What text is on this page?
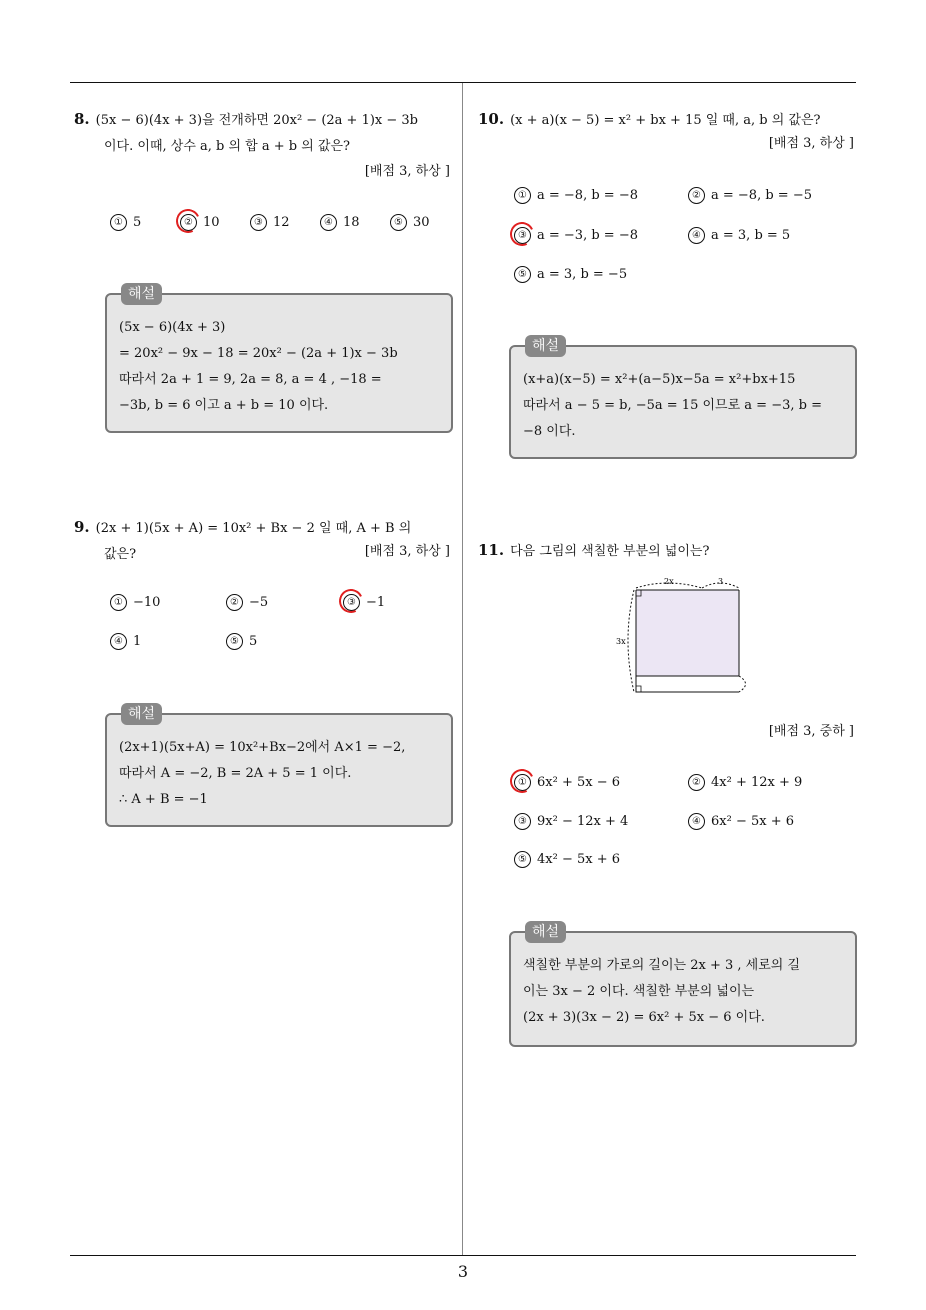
8. (5x − 6)(4x + 3)을 전개하면 20x² − (2a + 1)x − 3b
이다. 이때, 상수 a, b 의 합 a + b 의 값은?
[배점 3, 하상 ]
① 5	② 10	③ 12	④ 18	⑤ 30
해설
(5x − 6)(4x + 3)
= 20x² − 9x − 18 = 20x² − (2a + 1)x − 3b
따라서 2a + 1 = 9, 2a = 8, a = 4 , −18 =
−3b, b = 6 이고 a + b = 10 이다.
9. (2x + 1)(5x + A) = 10x² + Bx − 2 일 때, A + B 의
값은?	[배점 3, 하상 ]
① −10	② −5	③ −1
④ 1	⑤ 5
해설
(2x+1)(5x+A) = 10x²+Bx−2에서 A×1 = −2,
따라서 A = −2, B = 2A + 5 = 1 이다.
∴ A + B = −1
10. (x + a)(x − 5) = x² + bx + 15 일 때, a, b 의 값은?
[배점 3, 하상 ]
① a = −8, b = −8	② a = −8, b = −5
③ a = −3, b = −8	④ a = 3, b = 5
⑤ a = 3, b = −5
해설
(x+a)(x−5) = x²+(a−5)x−5a = x²+bx+15
따라서 a − 5 = b, −5a = 15 이므로 a = −3, b =
−8 이다.
11. 다음 그림의 색칠한 부분의 넓이는?
2x	3
3x
[배점 3, 중하 ]
① 6x² + 5x − 6	② 4x² + 12x + 9
③ 9x² − 12x + 4	④ 6x² − 5x + 6
⑤ 4x² − 5x + 6
해설
색칠한 부분의 가로의 길이는 2x + 3 , 세로의 길
이는 3x − 2 이다. 색칠한 부분의 넓이는
(2x + 3)(3x − 2) = 6x² + 5x − 6 이다.
3
